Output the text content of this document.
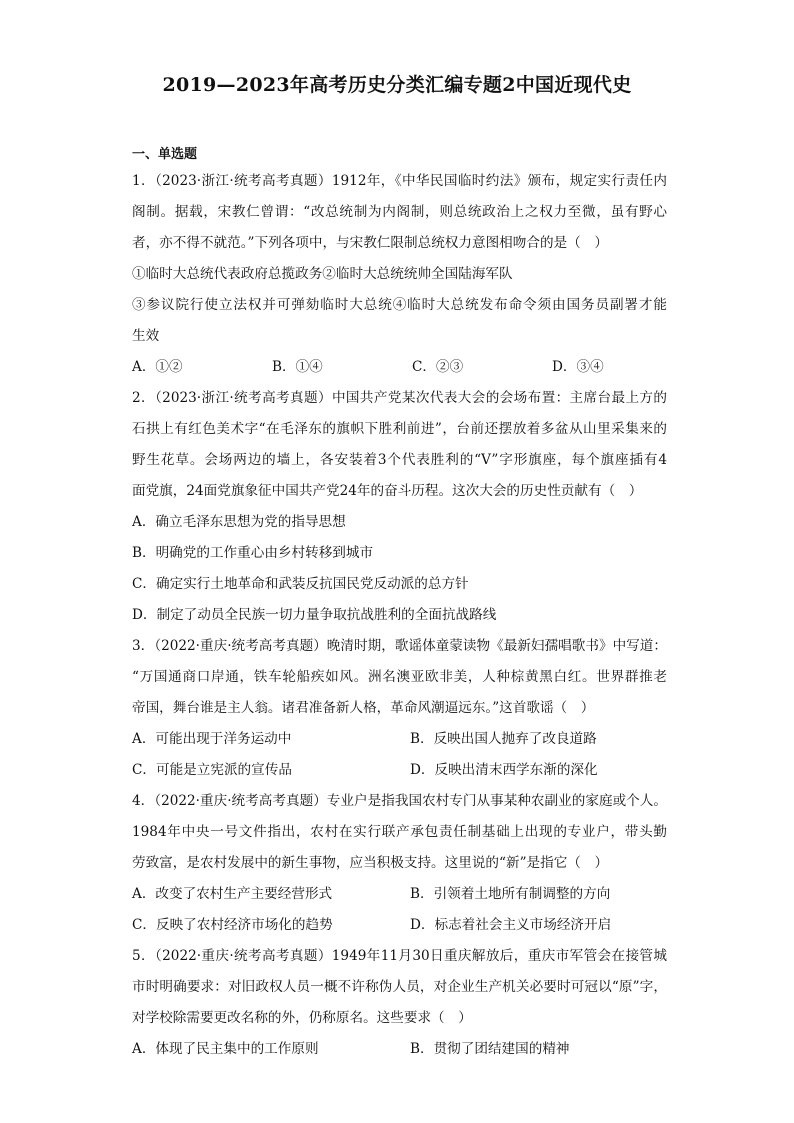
2019—2023年高考历史分类汇编专题2中国近现代史
一、单选题
1．（2023·浙江·统考高考真题）1912年，《中华民国临时约法》颁布，规定实行责任内
阁制。据载，宋教仁曾谓：“改总统制为内阁制，则总统政治上之权力至微，虽有野心
者，亦不得不就范。”下列各项中，与宋教仁限制总统权力意图相吻合的是（　）
①临时大总统代表政府总揽政务②临时大总统统帅全国陆海军队
③参议院行使立法权并可弹劾临时大总统④临时大总统发布命令须由国务员副署才能
生效
A．①②	B．①④	C．②③	D．③④
2．（2023·浙江·统考高考真题）中国共产党某次代表大会的会场布置：主席台最上方的
石拱上有红色美术字“在毛泽东的旗帜下胜利前进”，台前还摆放着多盆从山里采集来的
野生花草。会场两边的墙上，各安装着3个代表胜利的“V”字形旗座，每个旗座插有4
面党旗，24面党旗象征中国共产党24年的奋斗历程。这次大会的历史性贡献有（　）
A．确立毛泽东思想为党的指导思想
B．明确党的工作重心由乡村转移到城市
C．确定实行土地革命和武装反抗国民党反动派的总方针
D．制定了动员全民族一切力量争取抗战胜利的全面抗战路线
3．（2022·重庆·统考高考真题）晚清时期，歌谣体童蒙读物《最新妇孺唱歌书》中写道：
“万国通商口岸通，铁车轮船疾如风。洲名澳亚欧非美，人种棕黄黑白红。世界群推老
帝国，舞台谁是主人翁。诸君准备新人格，革命风潮逼远东。”这首歌谣（　）
A．可能出现于洋务运动中	B．反映出国人抛弃了改良道路
C．可能是立宪派的宣传品	D．反映出清末西学东渐的深化
4．（2022·重庆·统考高考真题）专业户是指我国农村专门从事某种农副业的家庭或个人。
1984年中央一号文件指出，农村在实行联产承包责任制基础上出现的专业户，带头勤
劳致富，是农村发展中的新生事物，应当积极支持。这里说的“新”是指它（　）
A．改变了农村生产主要经营形式	B．引领着土地所有制调整的方向
C．反映了农村经济市场化的趋势	D．标志着社会主义市场经济开启
5．（2022·重庆·统考高考真题）1949年11月30日重庆解放后，重庆市军管会在接管城
市时明确要求：对旧政权人员一概不许称伪人员，对企业生产机关必要时可冠以“原”字，
对学校除需要更改名称的外，仍称原名。这些要求（　）
A．体现了民主集中的工作原则	B．贯彻了团结建国的精神
